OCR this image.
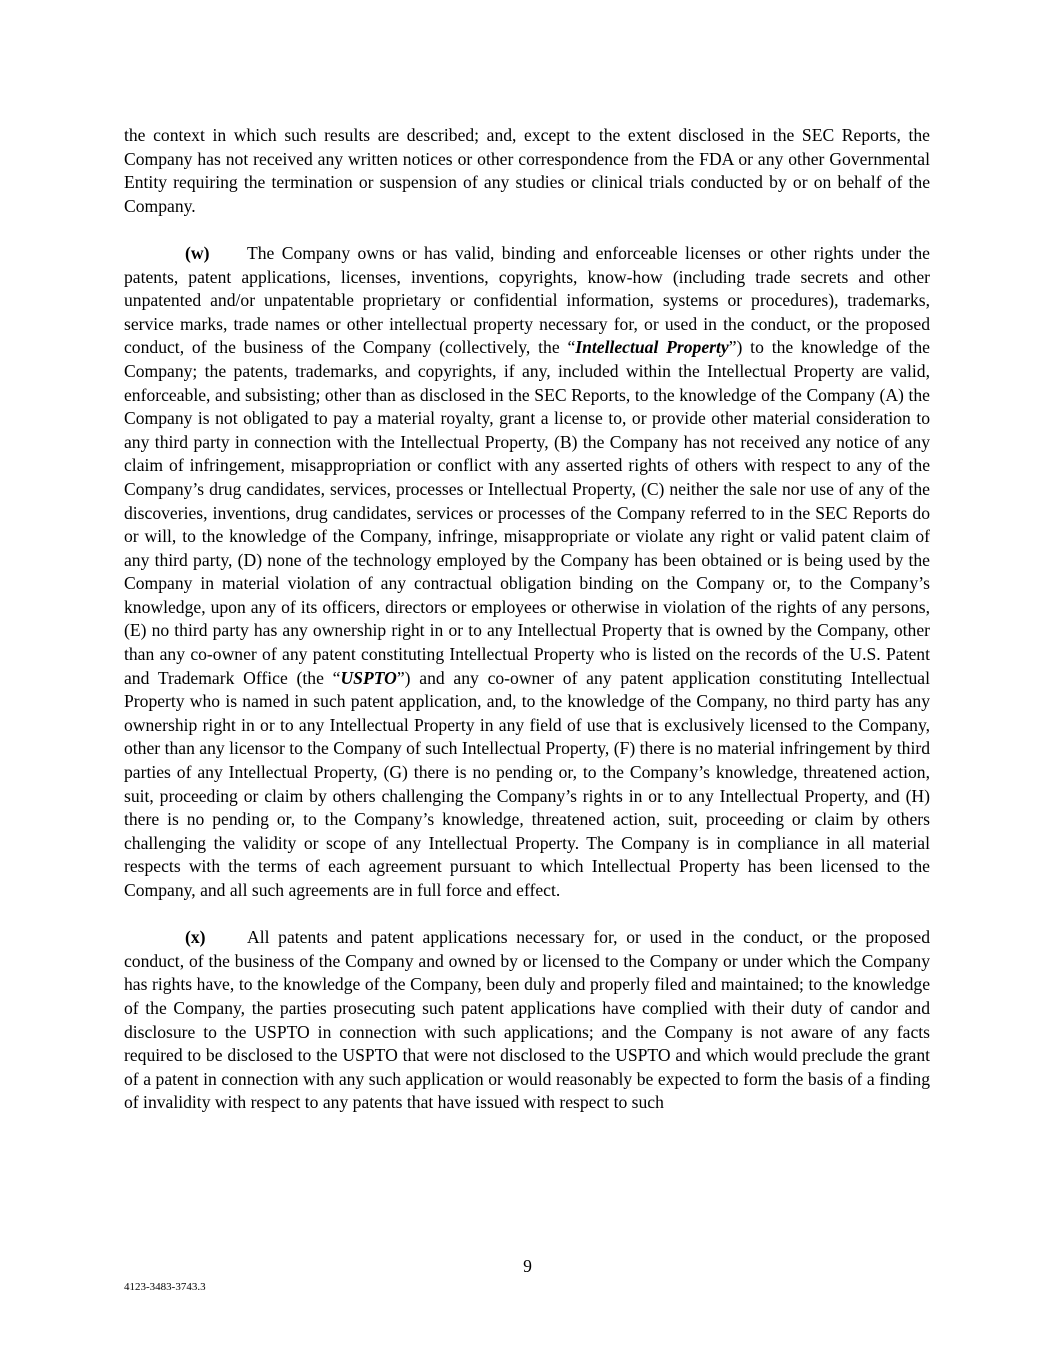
the context in which such results are described; and, except to the extent disclosed in the SEC Reports, the Company has not received any written notices or other correspondence from the FDA or any other Governmental Entity requiring the termination or suspension of any studies or clinical trials conducted by or on behalf of the Company.

(w) The Company owns or has valid, binding and enforceable licenses or other rights under the patents, patent applications, licenses, inventions, copyrights, know-how (including trade secrets and other unpatented and/or unpatentable proprietary or confidential information, systems or procedures), trademarks, service marks, trade names or other intellectual property necessary for, or used in the conduct, or the proposed conduct, of the business of the Company (collectively, the “Intellectual Property”) to the knowledge of the Company; the patents, trademarks, and copyrights, if any, included within the Intellectual Property are valid, enforceable, and subsisting; other than as disclosed in the SEC Reports, to the knowledge of the Company (A) the Company is not obligated to pay a material royalty, grant a license to, or provide other material consideration to any third party in connection with the Intellectual Property, (B) the Company has not received any notice of any claim of infringement, misappropriation or conflict with any asserted rights of others with respect to any of the Company’s drug candidates, services, processes or Intellectual Property, (C) neither the sale nor use of any of the discoveries, inventions, drug candidates, services or processes of the Company referred to in the SEC Reports do or will, to the knowledge of the Company, infringe, misappropriate or violate any right or valid patent claim of any third party, (D) none of the technology employed by the Company has been obtained or is being used by the Company in material violation of any contractual obligation binding on the Company or, to the Company’s knowledge, upon any of its officers, directors or employees or otherwise in violation of the rights of any persons, (E) no third party has any ownership right in or to any Intellectual Property that is owned by the Company, other than any co-owner of any patent constituting Intellectual Property who is listed on the records of the U.S. Patent and Trademark Office (the “USPTO”) and any co-owner of any patent application constituting Intellectual Property who is named in such patent application, and, to the knowledge of the Company, no third party has any ownership right in or to any Intellectual Property in any field of use that is exclusively licensed to the Company, other than any licensor to the Company of such Intellectual Property, (F) there is no material infringement by third parties of any Intellectual Property, (G) there is no pending or, to the Company’s knowledge, threatened action, suit, proceeding or claim by others challenging the Company’s rights in or to any Intellectual Property, and (H) there is no pending or, to the Company’s knowledge, threatened action, suit, proceeding or claim by others challenging the validity or scope of any Intellectual Property. The Company is in compliance in all material respects with the terms of each agreement pursuant to which Intellectual Property has been licensed to the Company, and all such agreements are in full force and effect.

(x) All patents and patent applications necessary for, or used in the conduct, or the proposed conduct, of the business of the Company and owned by or licensed to the Company or under which the Company has rights have, to the knowledge of the Company, been duly and properly filed and maintained; to the knowledge of the Company, the parties prosecuting such patent applications have complied with their duty of candor and disclosure to the USPTO in connection with such applications; and the Company is not aware of any facts required to be disclosed to the USPTO that were not disclosed to the USPTO and which would preclude the grant of a patent in connection with any such application or would reasonably be expected to form the basis of a finding of invalidity with respect to any patents that have issued with respect to such

9
4123-3483-3743.3
